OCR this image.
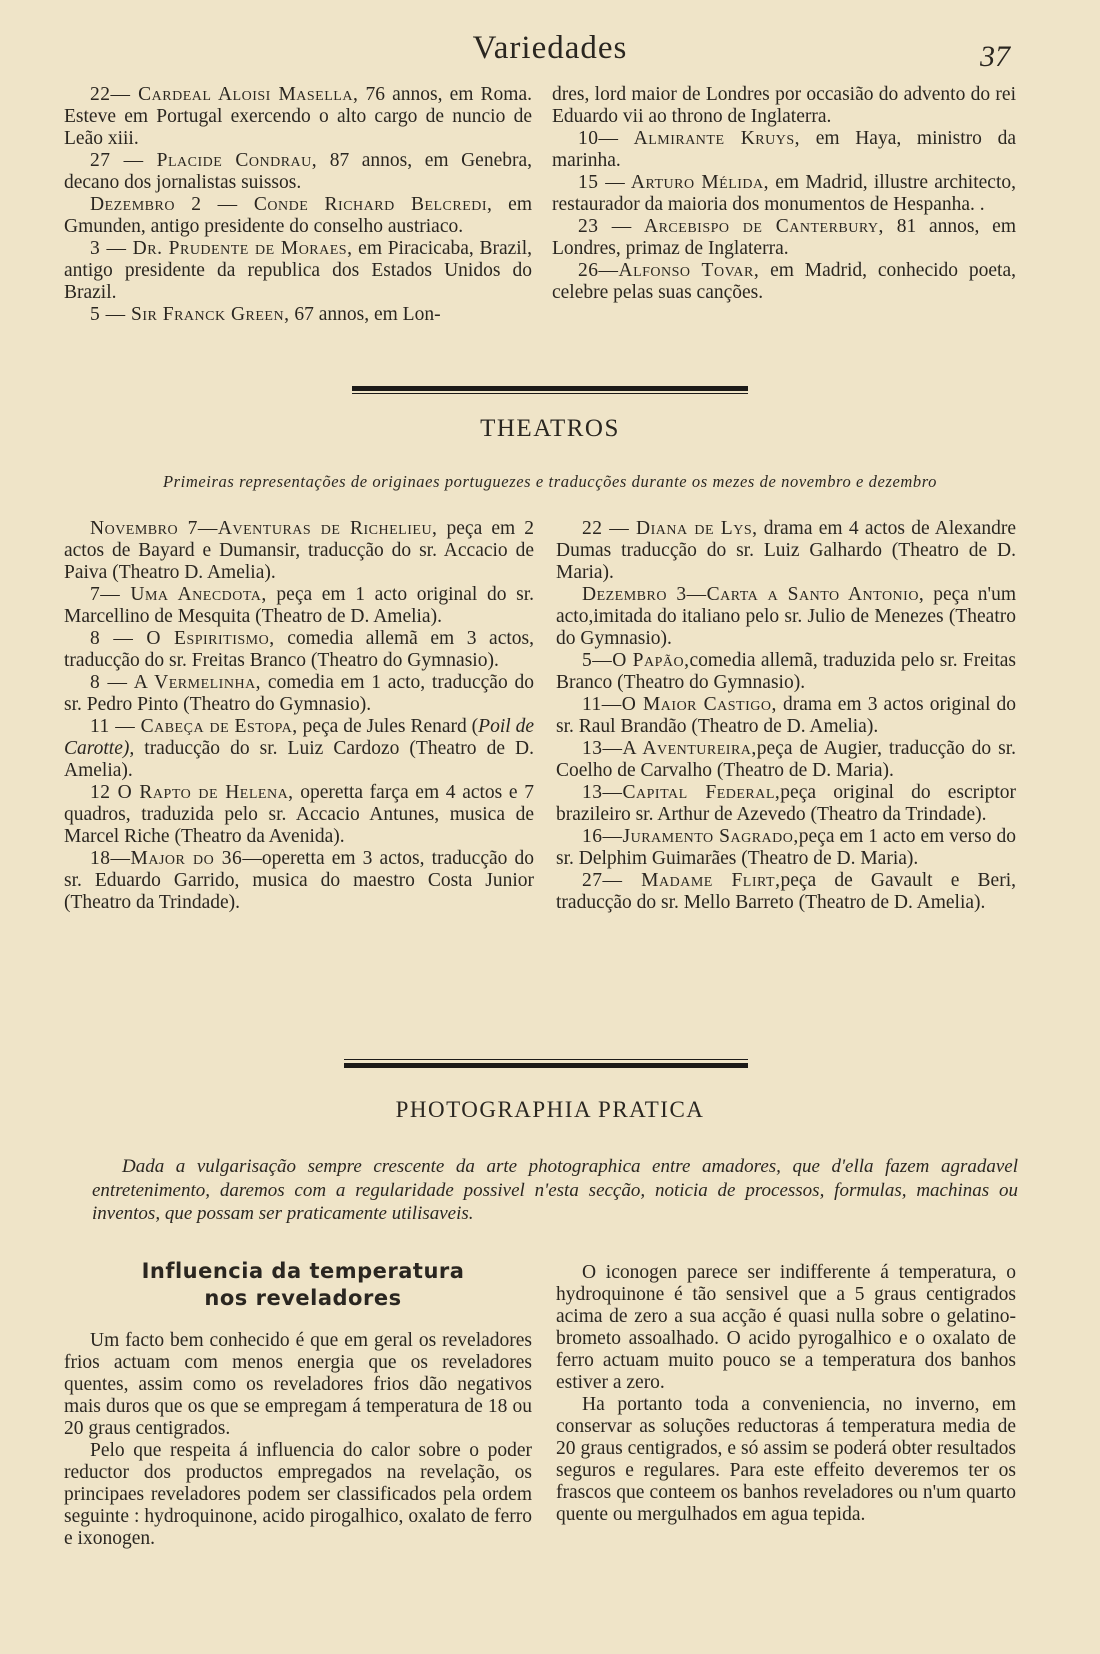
Variedades	37

22— Cardeal Aloisi Masella, 76 annos, em Roma. Esteve em Portugal exercendo o alto cargo de nuncio de Leão xiii.

27 — Placide Condrau, 87 annos, em Genebra, decano dos jornalistas suissos.

Dezembro 2 — Conde Richard Belcredi, em Gmunden, antigo presidente do conselho austriaco.

3 — Dr. Prudente de Moraes, em Piracicaba, Brazil, antigo presidente da republica dos Estados Unidos do Brazil.

5 — Sir Franck Green, 67 annos, em Lon-

dres, lord maior de Londres por occasião do advento do rei Eduardo vii ao throno de Inglaterra.

10— Almirante Kruys, em Haya, ministro da marinha.

15 — Arturo Mélida, em Madrid, illustre architecto, restaurador da maioria dos monumentos de Hespanha. .

23 — Arcebispo de Canterbury, 81 annos, em Londres, primaz de Inglaterra.

26—Alfonso Tovar, em Madrid, conhecido poeta, celebre pelas suas canções.

THEATROS
Primeiras representações de originaes portuguezes e traducções durante os mezes de novembro e dezembro

Novembro 7—Aventuras de Richelieu, peça em 2 actos de Bayard e Dumansir, traducção do sr. Accacio de Paiva (Theatro D. Amelia).

7— Uma Anecdota, peça em 1 acto original do sr. Marcellino de Mesquita (Theatro de D. Amelia).

8 — O Espiritismo, comedia allemã em 3 actos, traducção do sr. Freitas Branco (Theatro do Gymnasio).

8 — A Vermelinha, comedia em 1 acto, traducção do sr. Pedro Pinto (Theatro do Gymnasio).

11 — Cabeça de Estopa, peça de Jules Renard (Poil de Carotte), traducção do sr. Luiz Cardozo (Theatro de D. Amelia).

12 O Rapto de Helena, operetta farça em 4 actos e 7 quadros, traduzida pelo sr. Accacio Antunes, musica de Marcel Riche (Theatro da Avenida).

18—Major do 36—operetta em 3 actos, traducção do sr. Eduardo Garrido, musica do maestro Costa Junior (Theatro da Trindade).

22 — Diana de Lys, drama em 4 actos de Alexandre Dumas traducção do sr. Luiz Galhardo (Theatro de D. Maria).

Dezembro 3—Carta a Santo Antonio, peça n'um acto,imitada do italiano pelo sr. Julio de Menezes (Theatro do Gymnasio).

5—O Papão,comedia allemã, traduzida pelo sr. Freitas Branco (Theatro do Gymnasio).

11—O Maior Castigo, drama em 3 actos original do sr. Raul Brandão (Theatro de D. Amelia).

13—A Aventureira,peça de Augier, traducção do sr. Coelho de Carvalho (Theatro de D. Maria).

13—Capital Federal,peça original do escriptor brazileiro sr. Arthur de Azevedo (Theatro da Trindade).

16—Juramento Sagrado,peça em 1 acto em verso do sr. Delphim Guimarães (Theatro de D. Maria).

27— Madame Flirt,peça de Gavault e Beri, traducção do sr. Mello Barreto (Theatro de D. Amelia).

PHOTOGRAPHIA PRATICA
Dada a vulgarisação sempre crescente da arte photographica entre amadores, que d'ella fazem agradavel entretenimento, daremos com a regularidade possivel n'esta secção, noticia de processos, formulas, machinas ou inventos, que possam ser praticamente utilisaveis.
Influencia da temperatura
nos reveladores

Um facto bem conhecido é que em geral os reveladores frios actuam com menos energia que os reveladores quentes, assim como os reveladores frios dão negativos mais duros que os que se empregam á temperatura de 18 ou 20 graus centigrados.

Pelo que respeita á influencia do calor sobre o poder reductor dos productos empregados na revelação, os principaes reveladores podem ser classificados pela ordem seguinte : hydroquinone, acido pirogalhico, oxalato de ferro e ixonogen.

O iconogen parece ser indifferente á temperatura, o hydroquinone é tão sensivel que a 5 graus centigrados acima de zero a sua acção é quasi nulla sobre o gelatino-brometo assoalhado. O acido pyrogalhico e o oxalato de ferro actuam muito pouco se a temperatura dos banhos estiver a zero.

Ha portanto toda a conveniencia, no inverno, em conservar as soluções reductoras á temperatura media de 20 graus centigrados, e só assim se poderá obter resultados seguros e regulares. Para este effeito deveremos ter os frascos que conteem os banhos reveladores ou n'um quarto quente ou mergulhados em agua tepida.
